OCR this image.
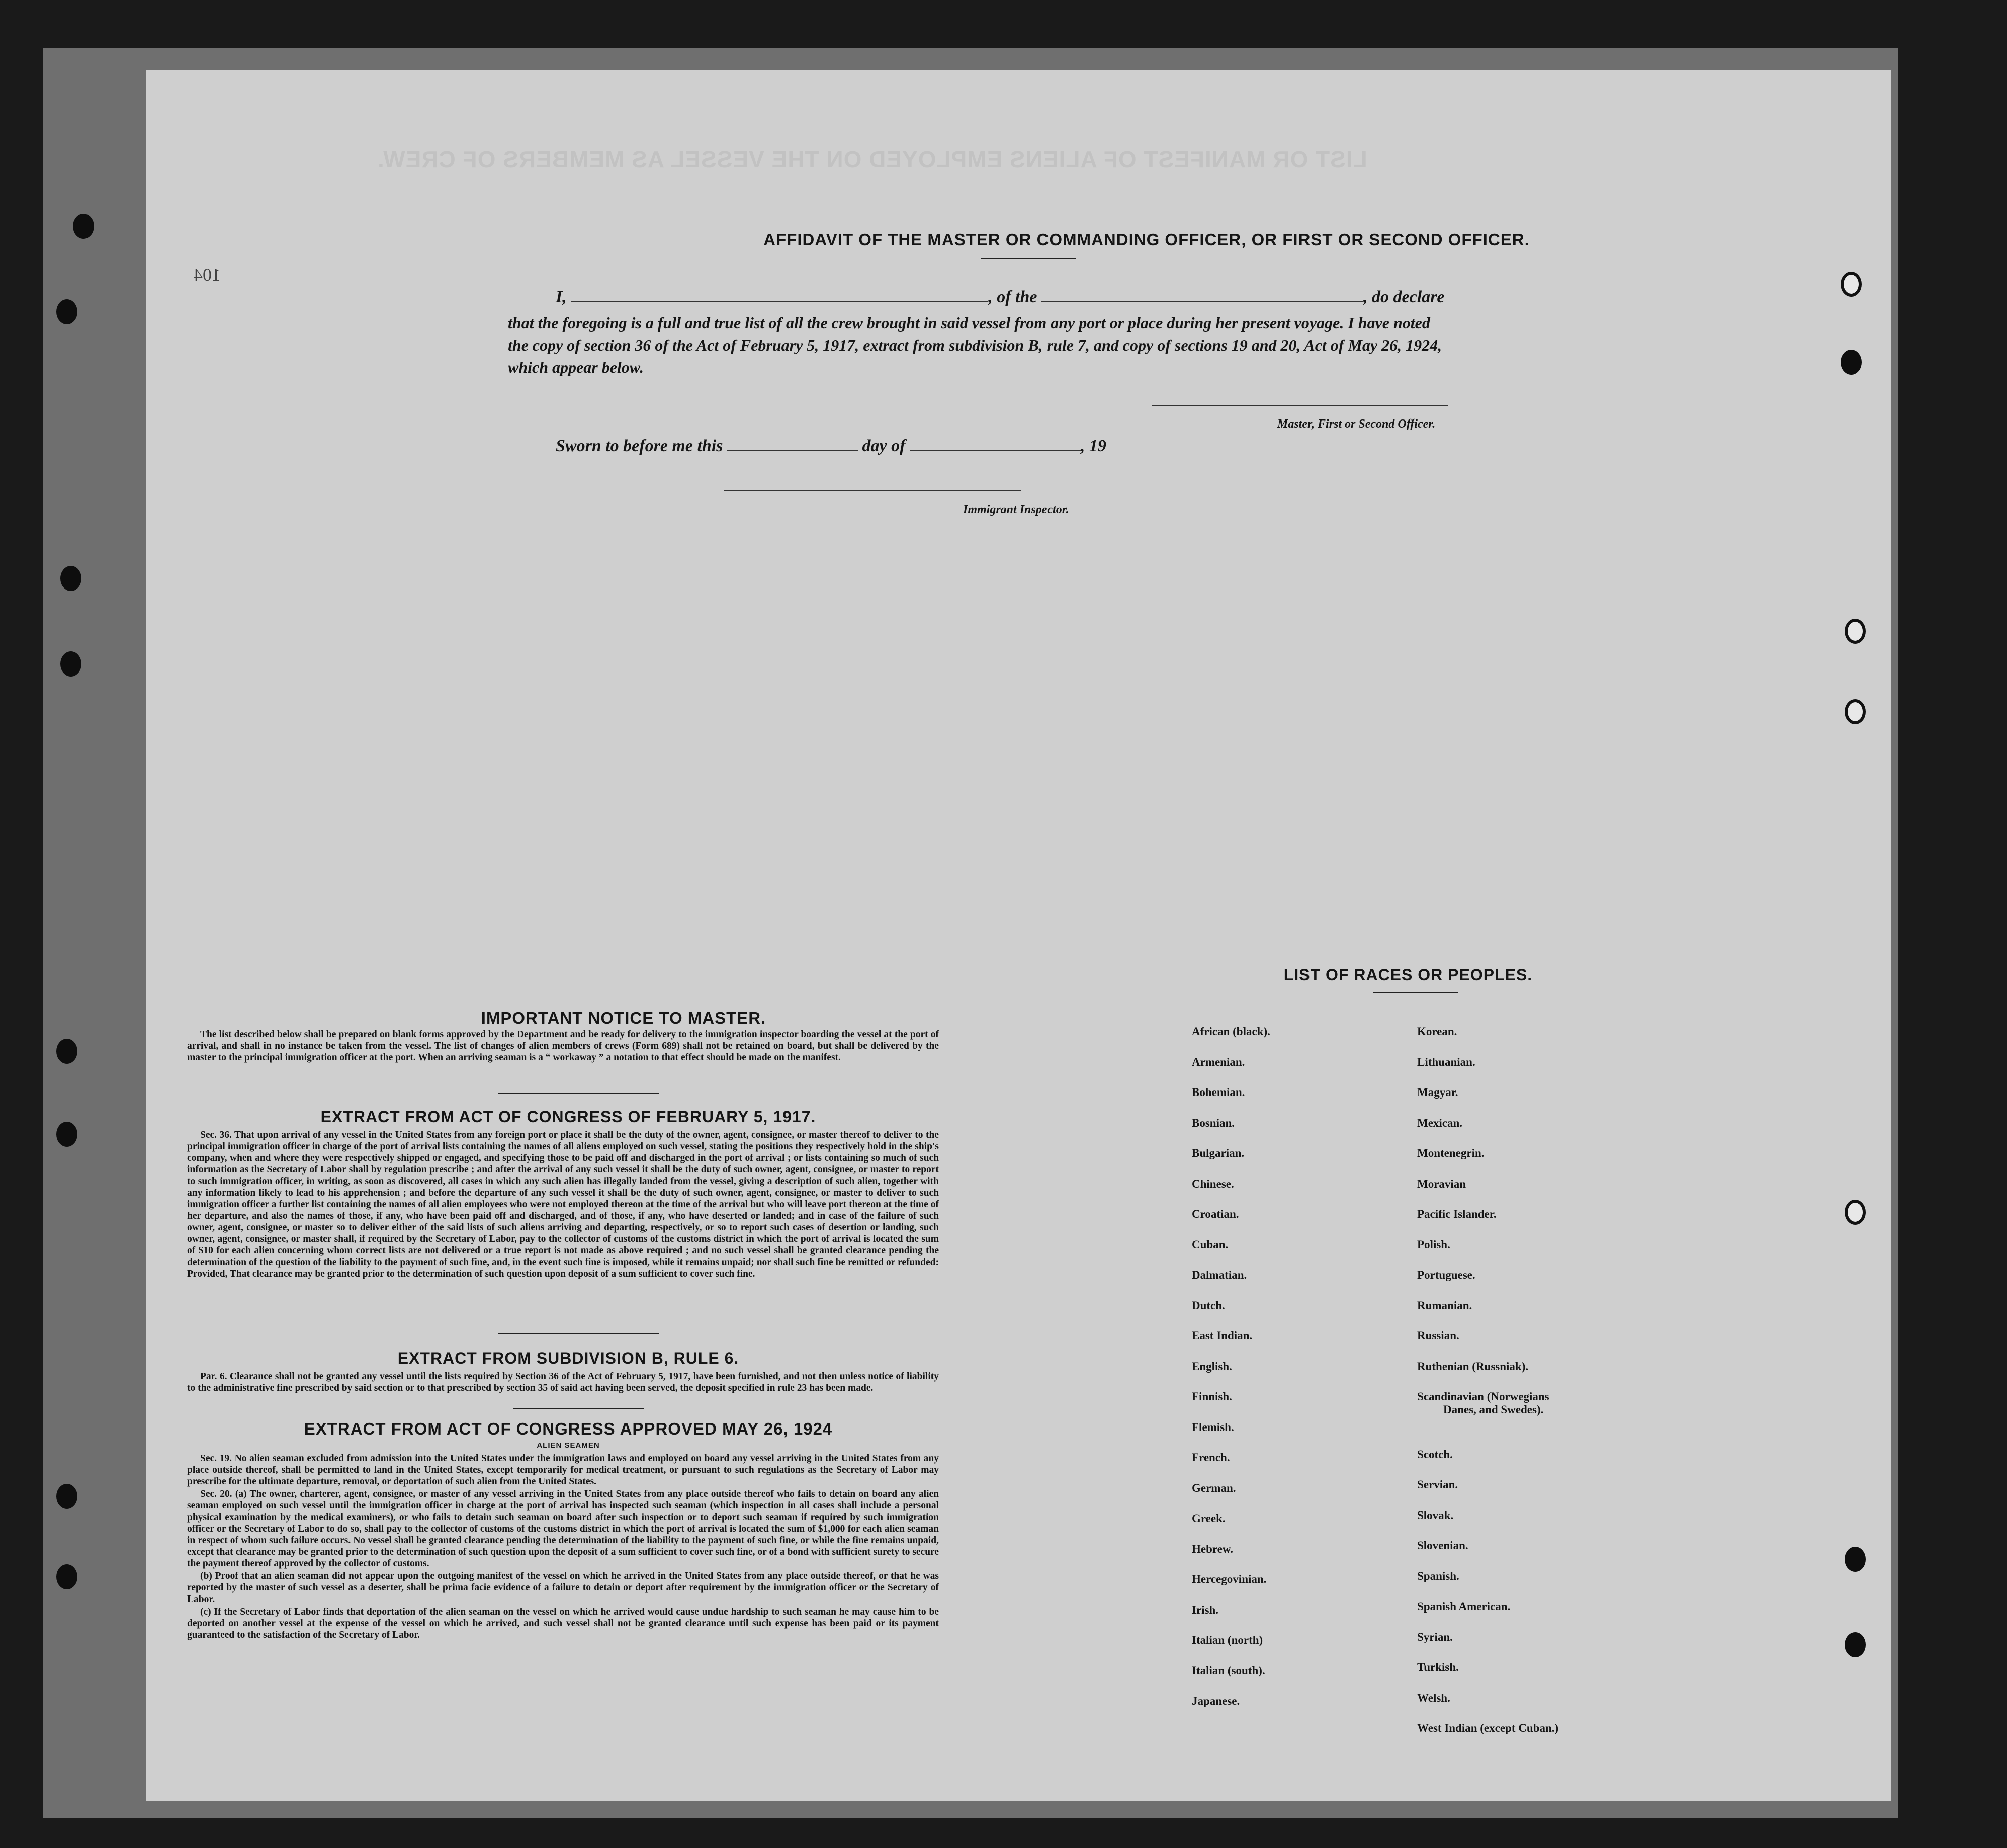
LIST OR MANIFEST OF ALIENS EMPLOYED ON THE VESSEL AS MEMBERS OF CREW.
104
AFFIDAVIT OF THE MASTER OR COMMANDING OFFICER, OR FIRST OR SECOND OFFICER.
I,	, of the	, do declare
that the foregoing is a full and true list of all the crew brought in said vessel from any port or place during her present voyage. I have noted the copy of section 36 of the Act of February 5, 1917, extract from subdivision B, rule 7, and copy of sections 19 and 20, Act of May 26, 1924, which appear below.
Master, First or Second Officer.
Sworn to before me this	day of	, 19
Immigrant Inspector.
IMPORTANT NOTICE TO MASTER.

The list described below shall be prepared on blank forms approved by the Department and be ready for delivery to the immigration inspector boarding the vessel at the port of arrival, and shall in no instance be taken from the vessel. The list of changes of alien members of crews (Form 689) shall not be retained on board, but shall be delivered by the master to the principal immigration officer at the port. When an arriving seaman is a “ workaway ” a notation to that effect should be made on the manifest.

EXTRACT FROM ACT OF CONGRESS OF FEBRUARY 5, 1917.

Sec. 36. That upon arrival of any vessel in the United States from any foreign port or place it shall be the duty of the owner, agent, consignee, or master thereof to deliver to the principal immigration officer in charge of the port of arrival lists containing the names of all aliens employed on such vessel, stating the positions they respectively hold in the ship's company, when and where they were respectively shipped or engaged, and specifying those to be paid off and discharged in the port of arrival ; or lists containing so much of such information as the Secretary of Labor shall by regulation prescribe ; and after the arrival of any such vessel it shall be the duty of such owner, agent, consignee, or master to report to such immigration officer, in writing, as soon as discovered, all cases in which any such alien has illegally landed from the vessel, giving a description of such alien, together with any information likely to lead to his apprehension ; and before the departure of any such vessel it shall be the duty of such owner, agent, consignee, or master to deliver to such immigration officer a further list containing the names of all alien employees who were not employed thereon at the time of the arrival but who will leave port thereon at the time of her departure, and also the names of those, if any, who have been paid off and discharged, and of those, if any, who have deserted or landed; and in case of the failure of such owner, agent, consignee, or master so to deliver either of the said lists of such aliens arriving and departing, respectively, or so to report such cases of desertion or landing, such owner, agent, consignee, or master shall, if required by the Secretary of Labor, pay to the collector of customs of the customs district in which the port of arrival is located the sum of $10 for each alien concerning whom correct lists are not delivered or a true report is not made as above required ; and no such vessel shall be granted clearance pending the determination of the question of the liability to the payment of such fine, and, in the event such fine is imposed, while it remains unpaid; nor shall such fine be remitted or refunded: Provided, That clearance may be granted prior to the determination of such question upon deposit of a sum sufficient to cover such fine.

EXTRACT FROM SUBDIVISION B, RULE 6.

Par. 6. Clearance shall not be granted any vessel until the lists required by Section 36 of the Act of February 5, 1917, have been furnished, and not then unless notice of liability to the administrative fine prescribed by said section or to that prescribed by section 35 of said act having been served, the deposit specified in rule 23 has been made.

EXTRACT FROM ACT OF CONGRESS APPROVED MAY 26, 1924
ALIEN SEAMEN

Sec. 19. No alien seaman excluded from admission into the United States under the immigration laws and employed on board any vessel arriving in the United States from any place outside thereof, shall be permitted to land in the United States, except temporarily for medical treatment, or pursuant to such regulations as the Secretary of Labor may prescribe for the ultimate departure, removal, or deportation of such alien from the United States.

Sec. 20. (a) The owner, charterer, agent, consignee, or master of any vessel arriving in the United States from any place outside thereof who fails to detain on board any alien seaman employed on such vessel until the immigration officer in charge at the port of arrival has inspected such seaman (which inspection in all cases shall include a personal physical examination by the medical examiners), or who fails to detain such seaman on board after such inspection or to deport such seaman if required by such immigration officer or the Secretary of Labor to do so, shall pay to the collector of customs of the customs district in which the port of arrival is located the sum of $1,000 for each alien seaman in respect of whom such failure occurs. No vessel shall be granted clearance pending the determination of the liability to the payment of such fine, or while the fine remains unpaid, except that clearance may be granted prior to the determination of such question upon the deposit of a sum sufficient to cover such fine, or of a bond with sufficient surety to secure the payment thereof approved by the collector of customs.

(b) Proof that an alien seaman did not appear upon the outgoing manifest of the vessel on which he arrived in the United States from any place outside thereof, or that he was reported by the master of such vessel as a deserter, shall be prima facie evidence of a failure to detain or deport after requirement by the immigration officer or the Secretary of Labor.

(c) If the Secretary of Labor finds that deportation of the alien seaman on the vessel on which he arrived would cause undue hardship to such seaman he may cause him to be deported on another vessel at the expense of the vessel on which he arrived, and such vessel shall not be granted clearance until such expense has been paid or its payment guaranteed to the satisfaction of the Secretary of Labor.

LIST OF RACES OR PEOPLES.
African (black).
Armenian.
Bohemian.
Bosnian.
Bulgarian.
Chinese.
Croatian.
Cuban.
Dalmatian.
Dutch.
East Indian.
English.
Finnish.
Flemish.
French.
German.
Greek.
Hebrew.
Hercegovinian.
Irish.
Italian (north)
Italian (south).
Japanese.
Korean.
Lithuanian.
Magyar.
Mexican.
Montenegrin.
Moravian
Pacific Islander.
Polish.
Portuguese.
Rumanian.
Russian.
Ruthenian (Russniak).
Scandinavian (Norwegians
Danes, and Swedes).
Scotch.
Servian.
Slovak.
Slovenian.
Spanish.
Spanish American.
Syrian.
Turkish.
Welsh.
West Indian (except Cuban.)
